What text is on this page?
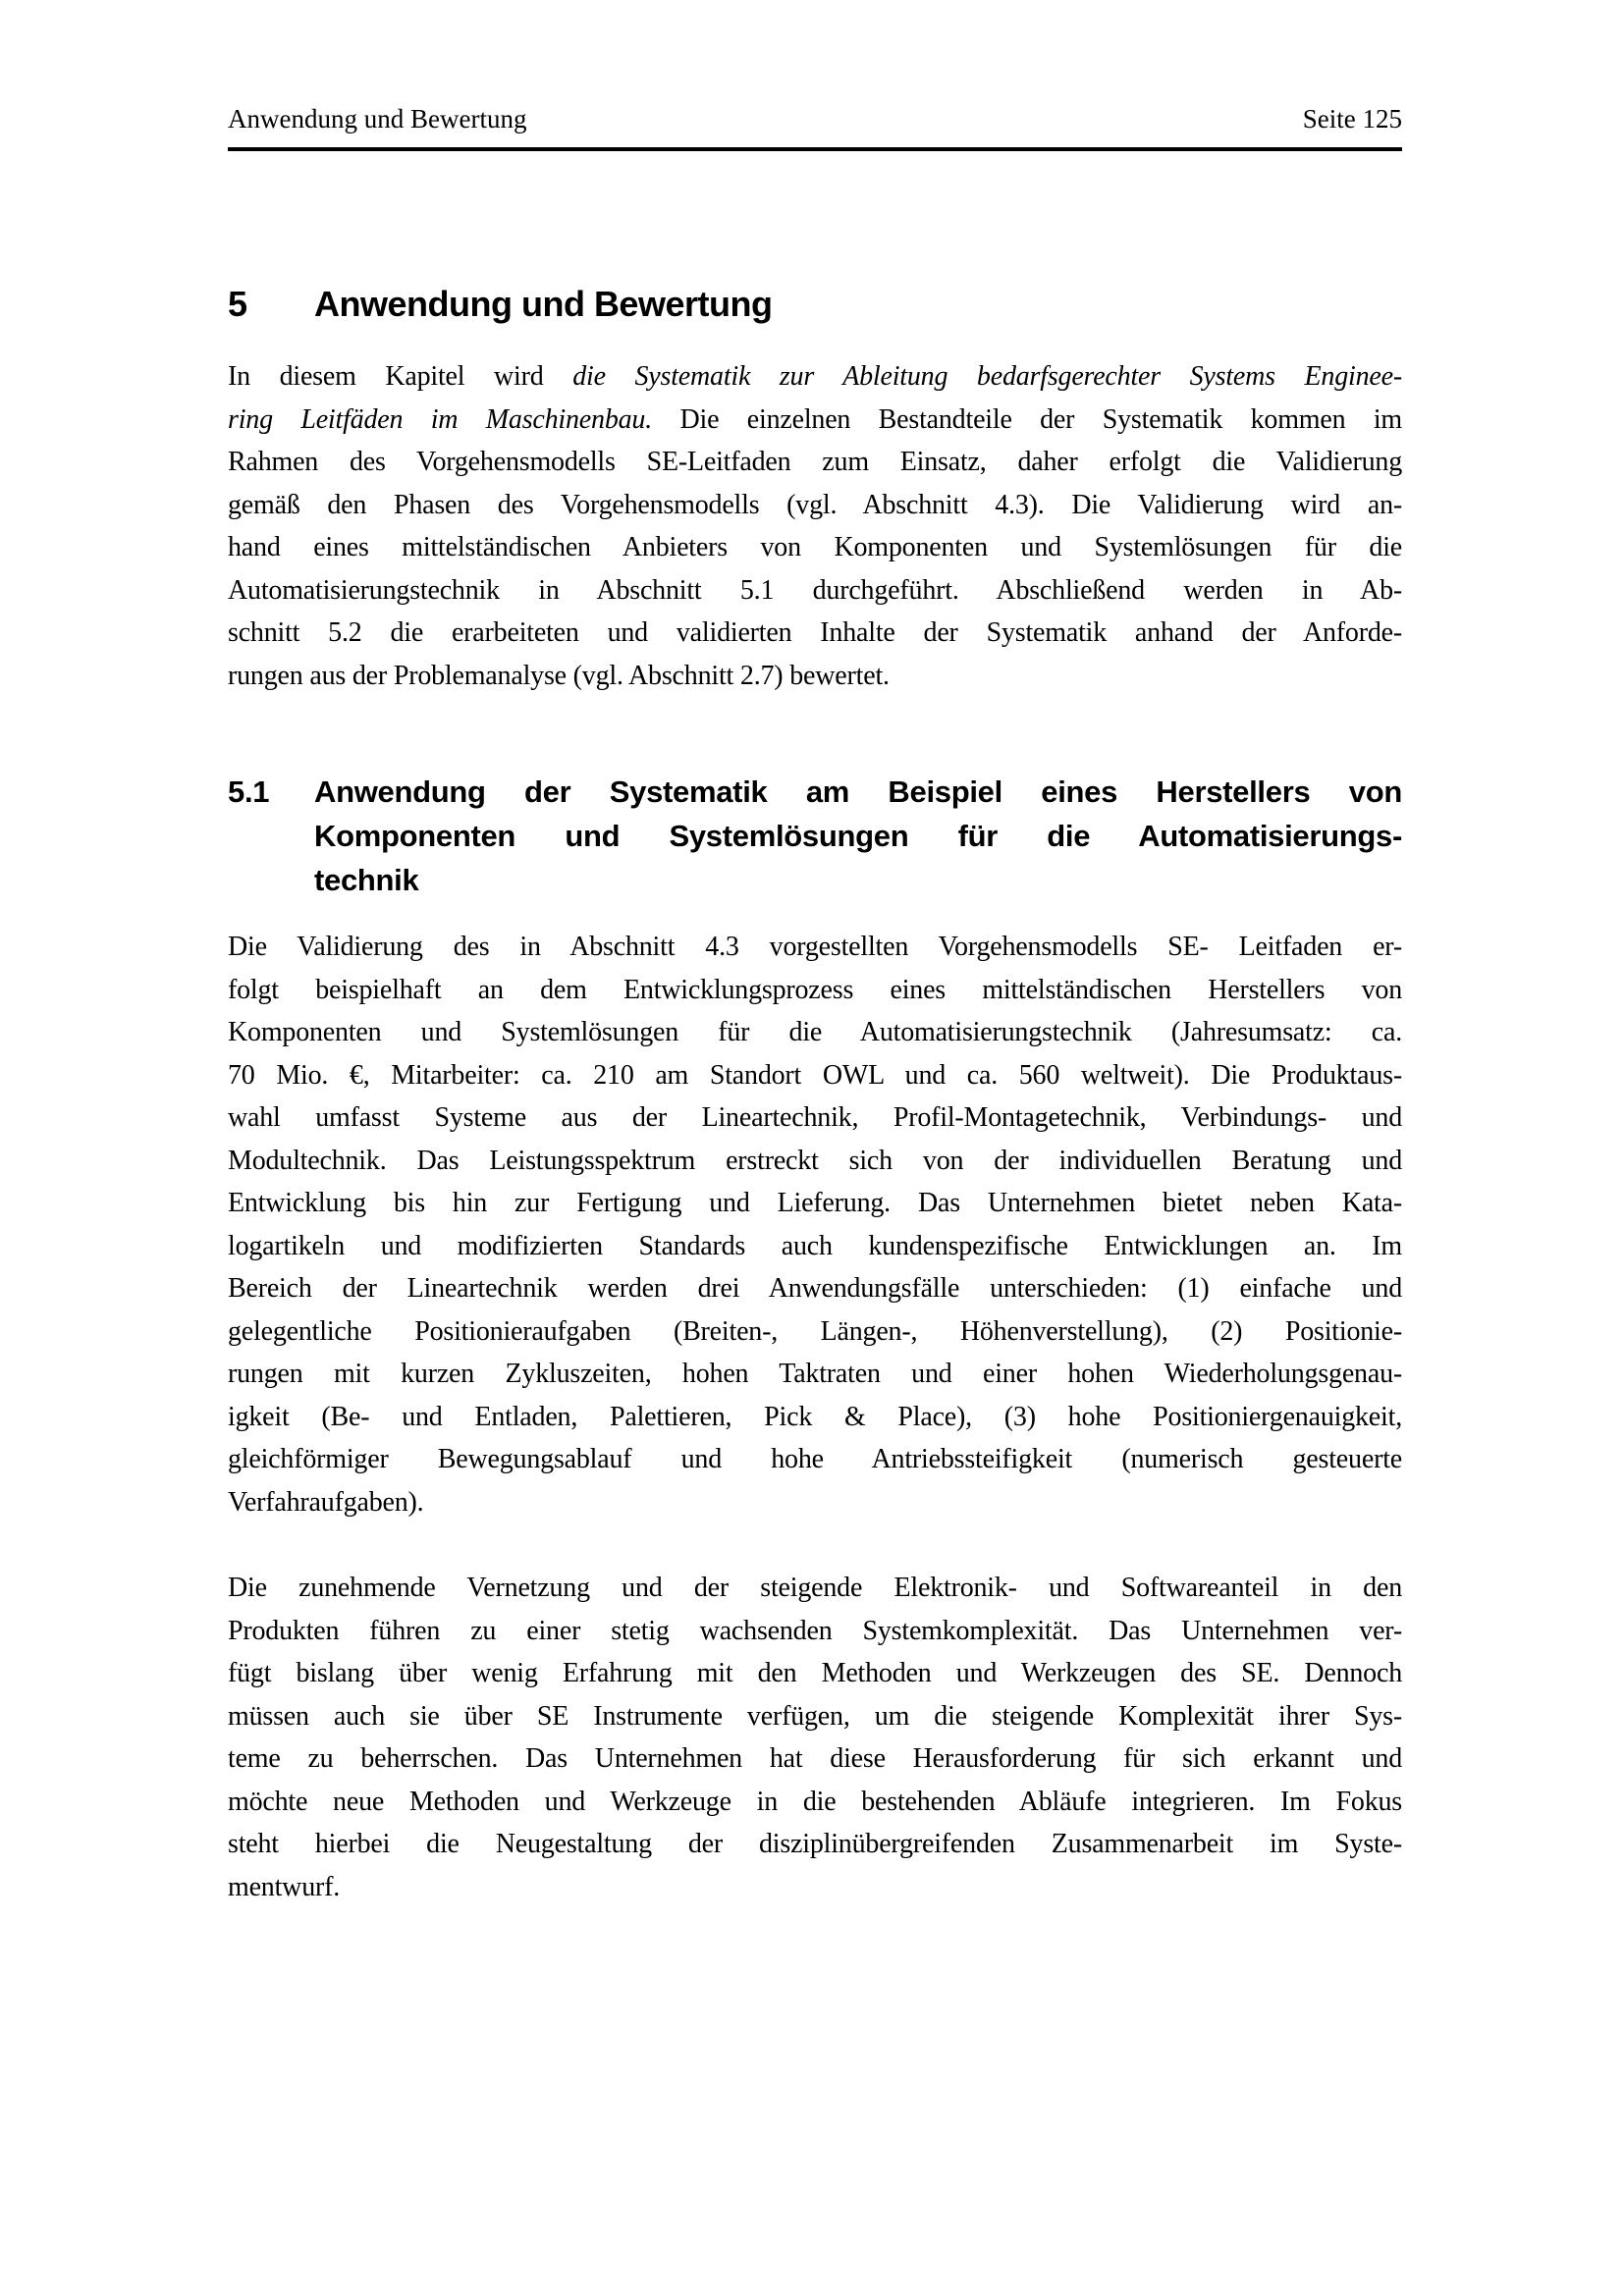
Anwendung und Bewertung	Seite 125
5 Anwendung und Bewertung
In diesem Kapitel wird die Systematik zur Ableitung bedarfsgerechter Systems Enginee-
ring Leitfäden im Maschinenbau. Die einzelnen Bestandteile der Systematik kommen im
Rahmen des Vorgehensmodells SE-Leitfaden zum Einsatz, daher erfolgt die Validierung
gemäß den Phasen des Vorgehensmodells (vgl. Abschnitt 4.3). Die Validierung wird an-
hand eines mittelständischen Anbieters von Komponenten und Systemlösungen für die
Automatisierungstechnik in Abschnitt 5.1 durchgeführt. Abschließend werden in Ab-
schnitt 5.2 die erarbeiteten und validierten Inhalte der Systematik anhand der Anforde-
rungen aus der Problemanalyse (vgl. Abschnitt 2.7) bewertet.
5.1	Anwendung der Systematik am Beispiel eines Herstellers von
Komponenten und Systemlösungen für die Automatisierungs-
technik
Die Validierung des in Abschnitt 4.3 vorgestellten Vorgehensmodells SE- Leitfaden er-
folgt beispielhaft an dem Entwicklungsprozess eines mittelständischen Herstellers von
Komponenten und Systemlösungen für die Automatisierungstechnik (Jahresumsatz: ca.
70 Mio. €, Mitarbeiter: ca. 210 am Standort OWL und ca. 560 weltweit). Die Produktaus-
wahl umfasst Systeme aus der Lineartechnik, Profil-Montagetechnik, Verbindungs- und
Modultechnik. Das Leistungsspektrum erstreckt sich von der individuellen Beratung und
Entwicklung bis hin zur Fertigung und Lieferung. Das Unternehmen bietet neben Kata-
logartikeln und modifizierten Standards auch kundenspezifische Entwicklungen an. Im
Bereich der Lineartechnik werden drei Anwendungsfälle unterschieden: (1) einfache und
gelegentliche Positionieraufgaben (Breiten-, Längen-, Höhenverstellung), (2) Positionie-
rungen mit kurzen Zykluszeiten, hohen Taktraten und einer hohen Wiederholungsgenau-
igkeit (Be- und Entladen, Palettieren, Pick & Place), (3) hohe Positioniergenauigkeit,
gleichförmiger Bewegungsablauf und hohe Antriebssteifigkeit (numerisch gesteuerte
Verfahraufgaben).
Die zunehmende Vernetzung und der steigende Elektronik- und Softwareanteil in den
Produkten führen zu einer stetig wachsenden Systemkomplexität. Das Unternehmen ver-
fügt bislang über wenig Erfahrung mit den Methoden und Werkzeugen des SE. Dennoch
müssen auch sie über SE Instrumente verfügen, um die steigende Komplexität ihrer Sys-
teme zu beherrschen. Das Unternehmen hat diese Herausforderung für sich erkannt und
möchte neue Methoden und Werkzeuge in die bestehenden Abläufe integrieren. Im Fokus
steht hierbei die Neugestaltung der disziplinübergreifenden Zusammenarbeit im Syste-
mentwurf.
